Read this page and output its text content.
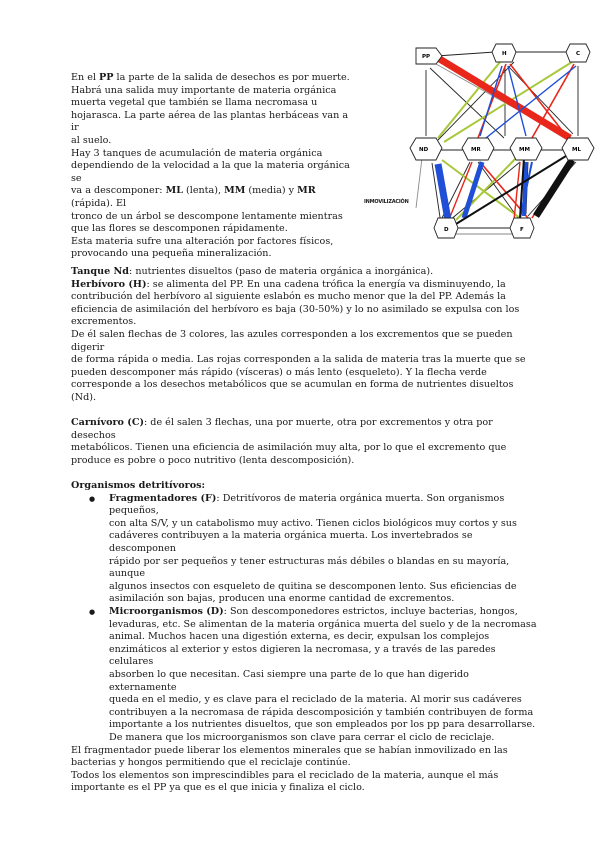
En el PP la parte de la salida de desechos es por muerte.

Habrá una salida muy importante de materia orgánica

muerta vegetal que también se llama necromasa u

hojarasca. La parte aérea de las plantas herbáceas van a ir

al suelo.

Hay 3 tanques de acumulación de materia orgánica

dependiendo de la velocidad a la que la materia orgánica se

va a descomponer: ML (lenta), MM (media) y MR (rápida). El

tronco de un árbol se descompone lentamente mientras

que las flores se descomponen rápidamente.

Esta materia sufre una alteración por factores físicos,

provocando una pequeña mineralización.

INMOVILIZACIÓN
PP	H	C
ND	MR	MM	ML
D	F

Tanque Nd: nutrientes disueltos (paso de materia orgánica a inorgánica).

Herbívoro (H): se alimenta del PP. En una cadena trófica la energía va disminuyendo, la

contribución del herbívoro al siguiente eslabón es mucho menor que la del PP. Además la

eficiencia de asimilación del herbívoro es baja (30-50%) y lo no asimilado se expulsa con los

excrementos.

De él salen flechas de 3 colores, las azules corresponden a los excrementos que se pueden digerir

de forma rápida o media. Las rojas corresponden a la salida de materia tras la muerte que se

pueden descomponer más rápido (vísceras) o más lento (esqueleto). Y la flecha verde

corresponde a los desechos metabólicos que se acumulan en forma de nutrientes disueltos (Nd).

Carnívoro (C): de él salen 3 flechas, una por muerte, otra por excrementos y otra por desechos

metabólicos. Tienen una eficiencia de asimilación muy alta, por lo que el excremento que

produce es pobre o poco nutritivo (lenta descomposición).

Organismos detritívoros:

● Fragmentadores (F): Detritívoros de materia orgánica muerta. Son organismos pequeños,

con alta S/V, y un catabolismo muy activo. Tienen ciclos biológicos muy cortos y sus

cadáveres contribuyen a la materia orgánica muerta. Los invertebrados se descomponen

rápido por ser pequeños y tener estructuras más débiles o blandas en su mayoría, aunque

algunos insectos con esqueleto de quitina se descomponen lento. Sus eficiencias de

asimilación son bajas, producen una enorme cantidad de excrementos.

● Microorganismos (D): Son descomponedores estrictos, incluye bacterias, hongos,

levaduras, etc. Se alimentan de la materia orgánica muerta del suelo y de la necromasa

animal. Muchos hacen una digestión externa, es decir, expulsan los complejos

enzimáticos al exterior y estos digieren la necromasa, y a través de las paredes celulares

absorben lo que necesitan. Casi siempre una parte de lo que han digerido externamente

queda en el medio, y es clave para el reciclado de la materia. Al morir sus cadáveres

contribuyen a la necromasa de rápida descomposición y también contribuyen de forma

importante a los nutrientes disueltos, que son empleados por los pp para desarrollarse.

De manera que los microorganismos son clave para cerrar el ciclo de reciclaje.

El fragmentador puede liberar los elementos minerales que se habían inmovilizado en las

bacterias y hongos permitiendo que el reciclaje continúe.

Todos los elementos son imprescindibles para el reciclado de la materia, aunque el más

importante es el PP ya que es el que inicia y finaliza el ciclo.
